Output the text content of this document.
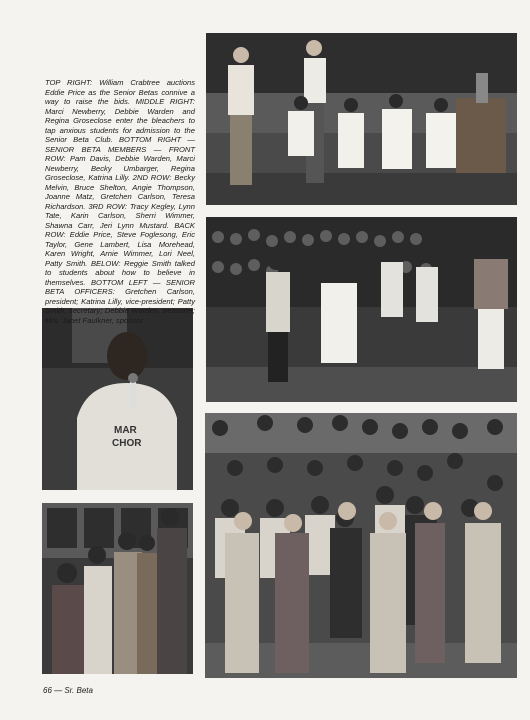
MAR
CHOR

TOP RIGHT: William Crabtree auctions Eddie Price as the Senior Betas connive a way to raise the bids. MIDDLE RIGHT: Marci Newberry, Debbie Warden and Regina Groseclose enter the bleachers to tap anxious students for admission to the Senior Beta Club. BOTTOM RIGHT — SENIOR BETA MEMBERS — FRONT ROW: Pam Davis, Debbie Warden, Marci Newberry, Becky Umbarger, Regina Groseclose, Katrina Lilly. 2ND ROW: Becky Melvin, Bruce Shelton, Angie Thompson, Joanne Matz, Gretchen Carlson, Teresa Richardson. 3RD ROW: Tracy Kegley, Lynn Tate, Karin Carlson, Sherri Wimmer, Shawna Carr, Jeri Lynn Mustard. BACK ROW: Eddie Price, Steve Foglesong, Eric Taylor, Gene Lambert, Lisa Morehead, Karen Wright, Arnie Wimmer, Lori Neel, Patty Smith. BELOW: Reggie Smith talked to students about how to believe in themselves. BOTTOM LEFT — SENIOR BETA OFFICERS: Gretchen Carlson, president; Katrina Lilly, vice-president; Patty Smith, secretary; Debbie Warden, treasurer; Mrs. Janet Faulkner, sponsor

66 — Sr. Beta
